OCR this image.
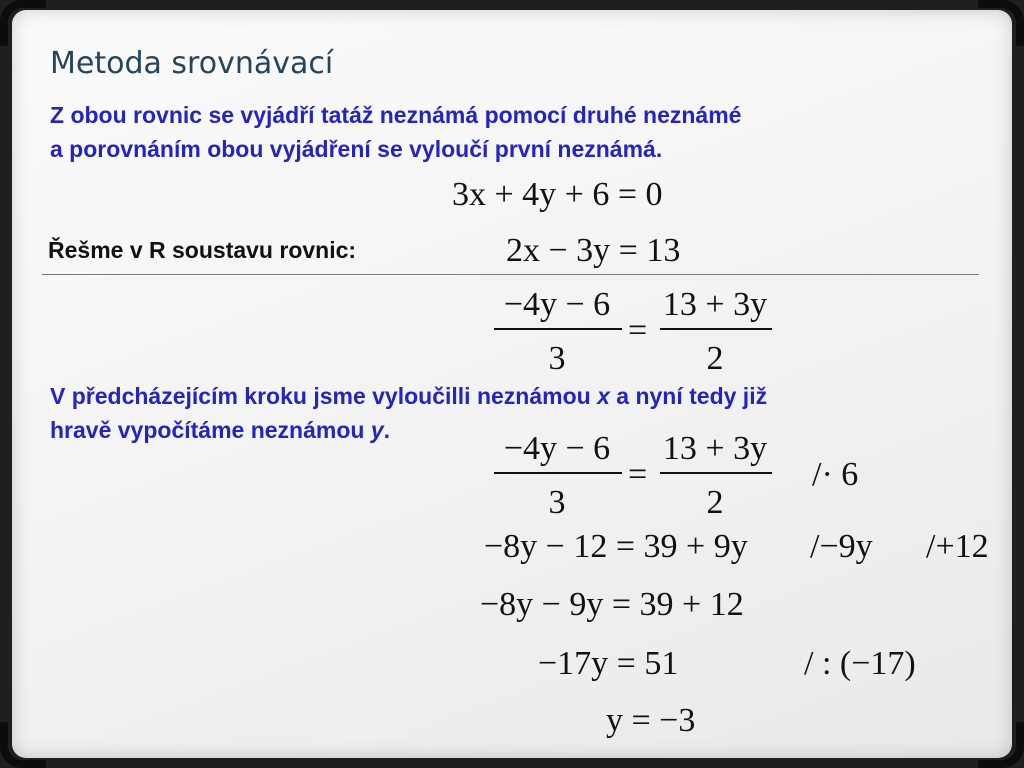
Metoda srovnávací
Z obou rovnic se vyjádří tatáž neznámá pomocí druhé neznámé
a porovnáním obou vyjádření se vyloučí první neznámá.
3x + 4y + 6 = 0
Řešme v R soustavu rovnic:	2x − 3y = 13
−4y − 6
3
=
13 + 3y
2
V předcházejícím kroku jsme vyloučilli neznámou x a nyní tedy již
hravě vypočítáme neznámou y.	−4y − 6
3
=
13 + 3y
2
/· 6
−8y − 12 = 39 + 9y /−9y /+12
−8y − 9y = 39 + 12
−17y = 51	/ : (−17)
y = −3
